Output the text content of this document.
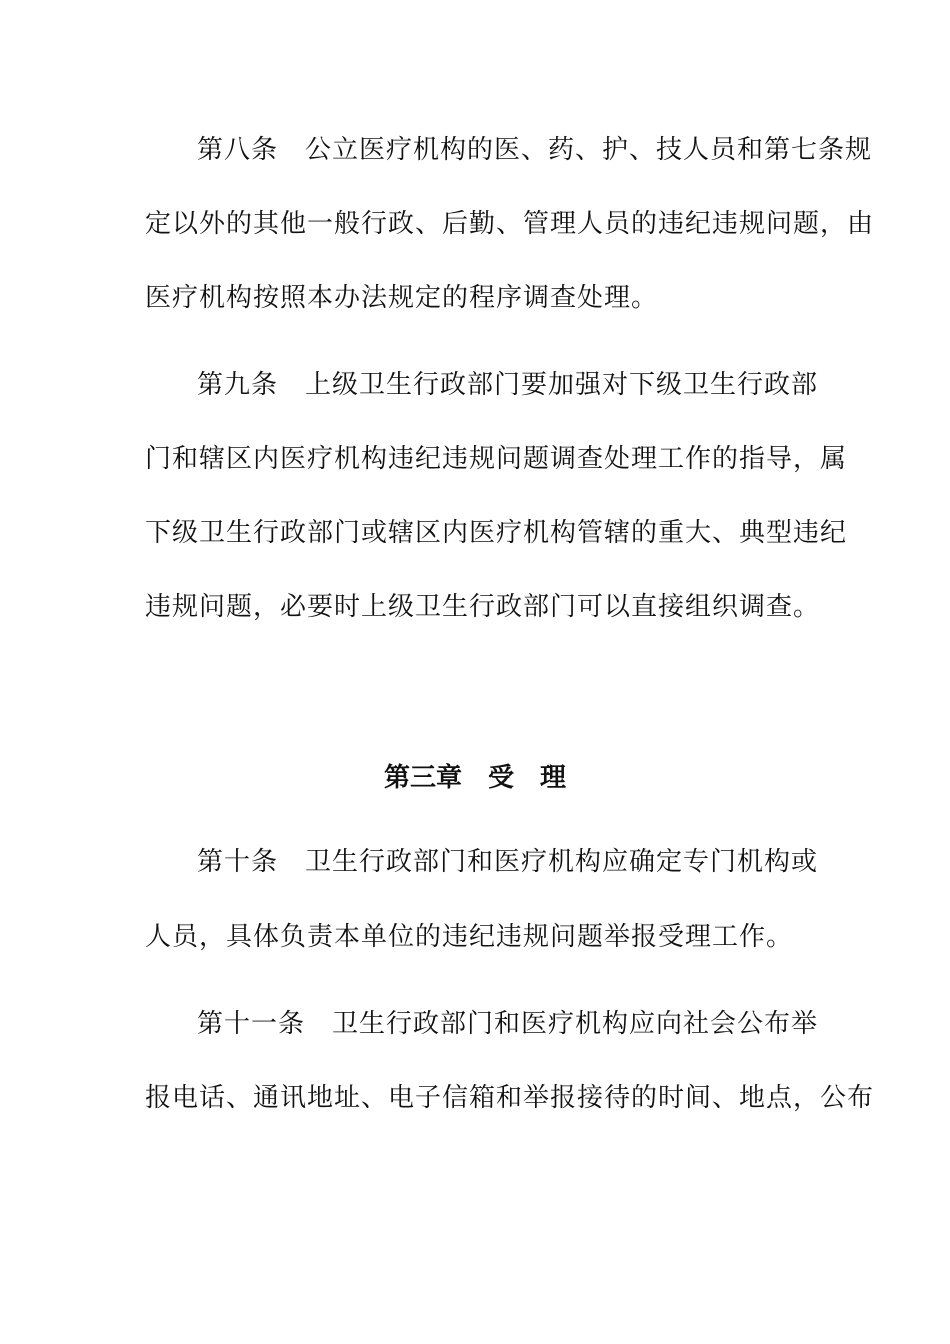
第八条　公立医疗机构的医、药、护、技人员和第七条规
定以外的其他一般行政、后勤、管理人员的违纪违规问题，由
医疗机构按照本办法规定的程序调查处理。
第九条　上级卫生行政部门要加强对下级卫生行政部
门和辖区内医疗机构违纪违规问题调查处理工作的指导，属
下级卫生行政部门或辖区内医疗机构管辖的重大、典型违纪
违规问题，必要时上级卫生行政部门可以直接组织调查。
第三章　受　理
第十条　卫生行政部门和医疗机构应确定专门机构或
人员，具体负责本单位的违纪违规问题举报受理工作。
第十一条　卫生行政部门和医疗机构应向社会公布举
报电话、通讯地址、电子信箱和举报接待的时间、地点，公布
